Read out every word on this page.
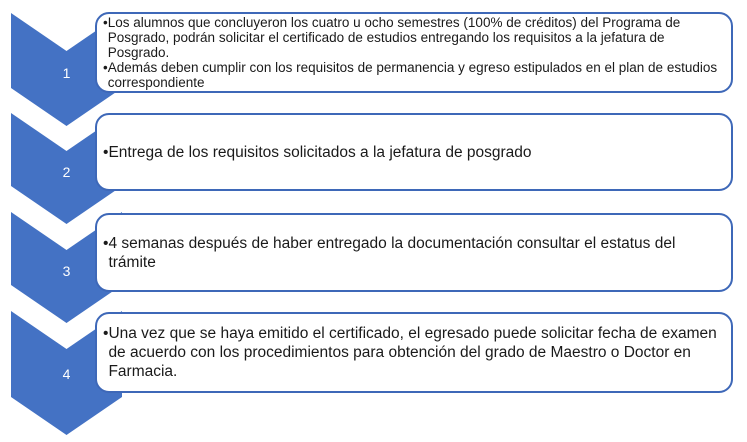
1
• Los alumnos que concluyeron los cuatro u ocho semestres (100% de créditos) del Programa de Posgrado, podrán solicitar el certificado de estudios entregando los requisitos a la jefatura de Posgrado.
• Además deben cumplir con los requisitos de permanencia y egreso estipulados en el plan de estudios correspondiente
2
• Entrega de los requisitos solicitados a la jefatura de posgrado
3
• 4 semanas después de haber entregado la documentación consultar el estatus del trámite
4
• Una vez que se haya emitido el certificado, el egresado puede solicitar fecha de examen de acuerdo con los procedimientos para obtención del grado de Maestro o Doctor en Farmacia.
